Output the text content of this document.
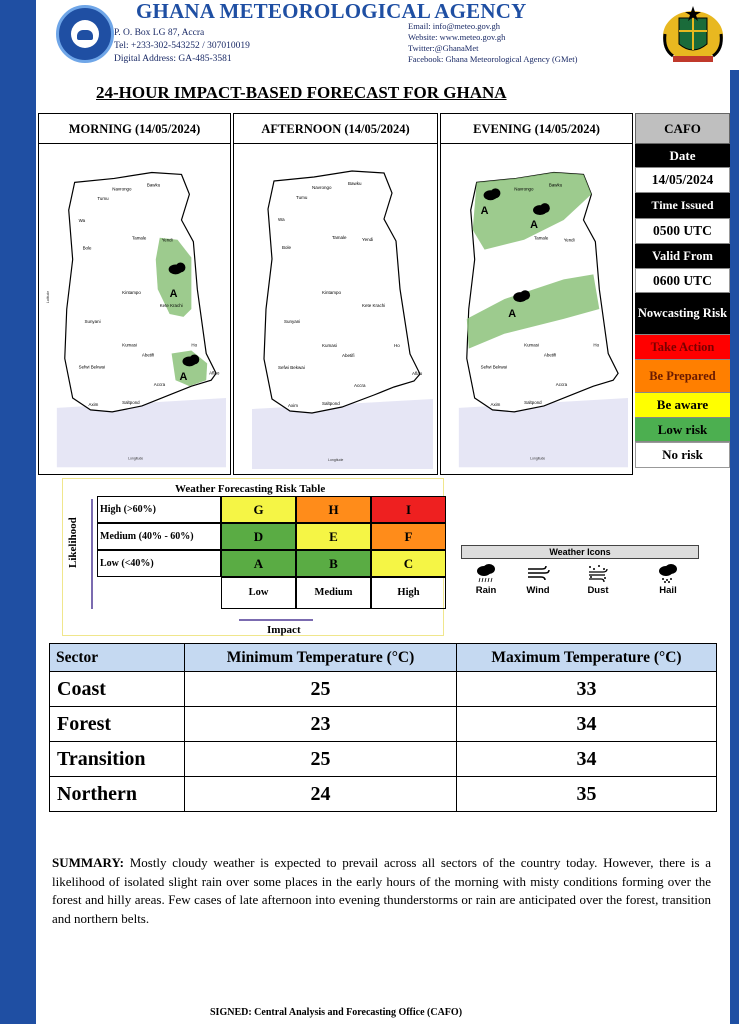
GHANA METEOROLOGICAL AGENCY
P. O. Box LG 87, Accra
Tel: +233-302-543252 / 307010019
Digital Address: GA-485-3581
Email: info@meteo.gov.gh
Website: www.meteo.gov.gh
Twitter:@GhanaMet
Facebook: Ghana Meteorological Agency (GMet)
24-HOUR IMPACT-BASED FORECAST FOR GHANA
MORNING (14/05/2024)
A
A
Navrongo
Bawku
Tumu
Wa
Tamale	Yendi
Bole
Kintampo
Kete Krachi
Sunyani
Kumasi
Abetifi
Ho
Sefwi Bekwai
Accra
Axim	Saltpond
Aflao
Longitude
Latitude
AFTERNOON (14/05/2024)
Navrongo
Bawku
Tumu
Wa
Tamale	Yendi
Bole
Kintampo
Kete Krachi
Sunyani
Kumasi
Abetifi
Ho
Sefwi Bekwai
Accra
Axim	Saltpond
Aflao
Longitude
EVENING (14/05/2024)
A
A
A
Navrongo
Bawku
Tamale	Yendi
Kumasi
Abetifi
Ho
Sefwi Bekwai
Accra
Axim	Saltpond
Longitude
CAFO
Date
14/05/2024
Time Issued
0500 UTC
Valid From
0600 UTC
Nowcasting Risk
Take Action
Be Prepared
Be aware
Low risk
No risk
Weather Forecasting Risk Table
Likelihood
High (>60%)	G	H	I
Medium (40% - 60%)	D	E	F
Low (<40%)	A	B	C
Low	Medium	High
Impact
Weather Icons
Rain	Wind	Dust	Hail
Sector	Minimum Temperature (°C)	Maximum Temperature (°C)
Coast	25	33
Forest	23	34
Transition	25	34
Northern	24	35
SUMMARY: Mostly cloudy weather is expected to prevail across all sectors of the country today. However, there is a likelihood of isolated slight rain over some places in the early hours of the morning with misty conditions forming over the forest and hilly areas. Few cases of late afternoon into evening thunderstorms or rain are anticipated over the forest, transition and northern belts.
SIGNED: Central Analysis and Forecasting Office (CAFO)
